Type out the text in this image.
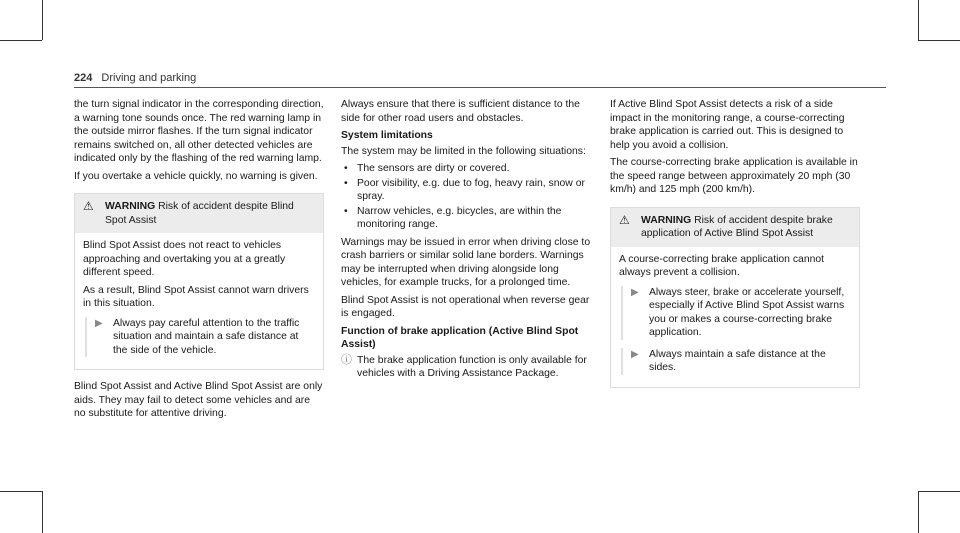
224 Driving and parking

the turn signal indicator in the corresponding direction, a warning tone sounds once. The red warning lamp in the outside mirror flashes. If the turn signal indicator remains switched on, all other detected vehicles are indicated only by the flashing of the red warning lamp.

If you overtake a vehicle quickly, no warning is given.

⚠	WARNING Risk of accident despite Blind Spot Assist

Blind Spot Assist does not react to vehicles approaching and overtaking you at a greatly different speed.

As a result, Blind Spot Assist cannot warn drivers in this situation.

▶ Always pay careful attention to the traffic situation and maintain a safe distance at the side of the vehicle.

Blind Spot Assist and Active Blind Spot Assist are only aids. They may fail to detect some vehicles and are no substitute for attentive driving.

Always ensure that there is sufficient distance to the side for other road users and obstacles.

System limitations

The system may be limited in the following situations:

• The sensors are dirty or covered.
• Poor visibility, e.g. due to fog, heavy rain, snow or spray.
• Narrow vehicles, e.g. bicycles, are within the monitoring range.

Warnings may be issued in error when driving close to crash barriers or similar solid lane borders. Warnings may be interrupted when driving alongside long vehicles, for example trucks, for a prolonged time.

Blind Spot Assist is not operational when reverse gear is engaged.

Function of brake application (Active Blind Spot Assist)
ⓘ The brake application function is only available for vehicles with a Driving Assistance Package.

If Active Blind Spot Assist detects a risk of a side impact in the monitoring range, a course-correcting brake application is carried out. This is designed to help you avoid a collision.

The course-correcting brake application is available in the speed range between approximately 20 mph (30 km/h) and 125 mph (200 km/h).

⚠	WARNING Risk of accident despite brake application of Active Blind Spot Assist

A course-correcting brake application cannot always prevent a collision.

▶ Always steer, brake or accelerate yourself, especially if Active Blind Spot Assist warns you or makes a course-correcting brake application.
▶ Always maintain a safe distance at the sides.
